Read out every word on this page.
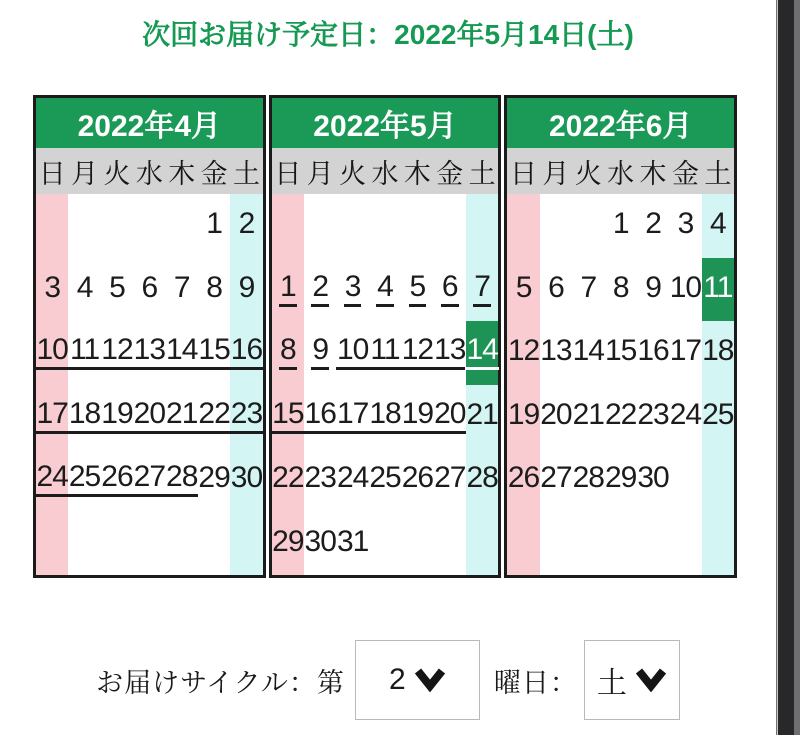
次回お届け予定日：2022年5月14日(土)
2022年4月
日 月 火 水 木 金 土
1 2
3 4 5 6 7 8 9
10 11 12 13 14 15 16
17 18 19 20 21 22 23
24 25 26 27 28 29 30
2022年5月
日 月 火 水 木 金 土
1 2 3 4 5 6 7
8 9 10 11 12 13 14
15 16 17 18 19 20 21
22 23 24 25 26 27 28
29 30 31
2022年6月
日 月 火 水 木 金 土
1 2 3 4
5 6 7 8 9 10 11
12 13 14 15 16 17 18
19 20 21 22 23 24 25
26 27 28 29 30
お届けサイクル：第 2	曜日： 土
